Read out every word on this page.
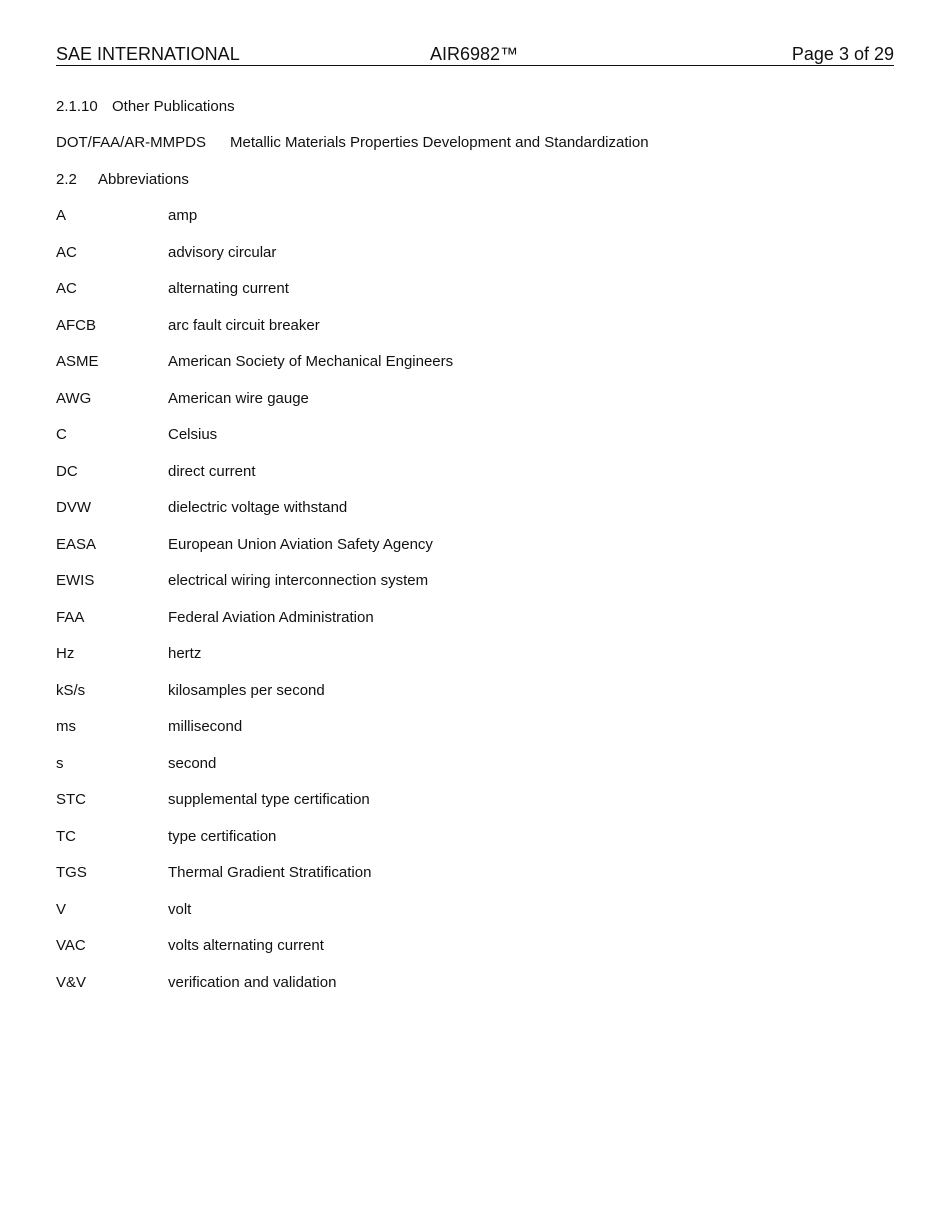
SAE INTERNATIONAL	AIR6982™	Page 3 of 29
2.1.10 Other Publications
DOT/FAA/AR-MMPDS Metallic Materials Properties Development and Standardization
2.2 Abbreviations
A	amp
AC	advisory circular
AC	alternating current
AFCB	arc fault circuit breaker
ASME	American Society of Mechanical Engineers
AWG	American wire gauge
C	Celsius
DC	direct current
DVW	dielectric voltage withstand
EASA	European Union Aviation Safety Agency
EWIS	electrical wiring interconnection system
FAA	Federal Aviation Administration
Hz	hertz
kS/s	kilosamples per second
ms	millisecond
s	second
STC	supplemental type certification
TC	type certification
TGS	Thermal Gradient Stratification
V	volt
VAC	volts alternating current
V&V	verification and validation
